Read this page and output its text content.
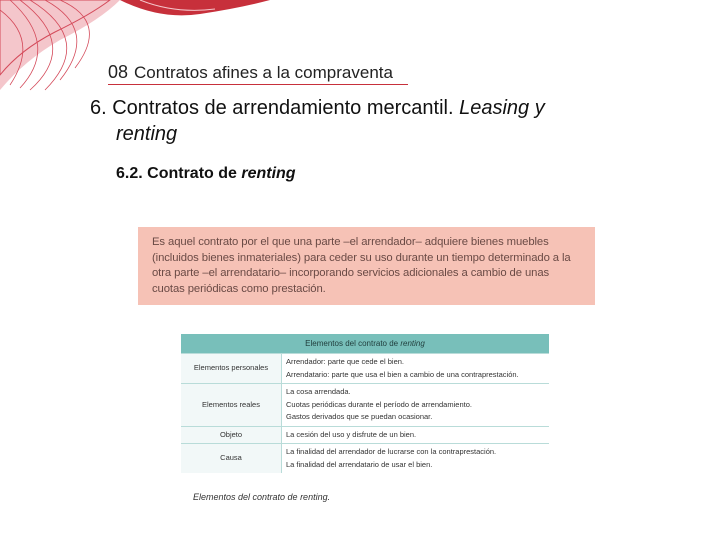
08 Contratos afines a la compraventa
6. Contratos de arrendamiento mercantil. Leasing y
renting
6.2. Contrato de renting
Es aquel contrato por el que una parte –el arrendador– adquiere bienes muebles (incluidos bienes inmateriales) para ceder su uso durante un tiempo determinado a la otra parte –el arrendatario– incorporando servicios adicionales a cambio de unas cuotas periódicas como prestación.
Elementos del contrato de renting	
Elementos personales	Arrendador: parte que cede el bien.
Arrendatario: parte que usa el bien a cambio de una contraprestación.

Elementos reales	La cosa arrendada.
Cuotas periódicas durante el período de arrendamiento.
Gastos derivados que se puedan ocasionar.

Objeto	La cesión del uso y disfrute de un bien.

Causa	La finalidad del arrendador de lucrarse con la contraprestación.
La finalidad del arrendatario de usar el bien.
Elementos del contrato de renting.
